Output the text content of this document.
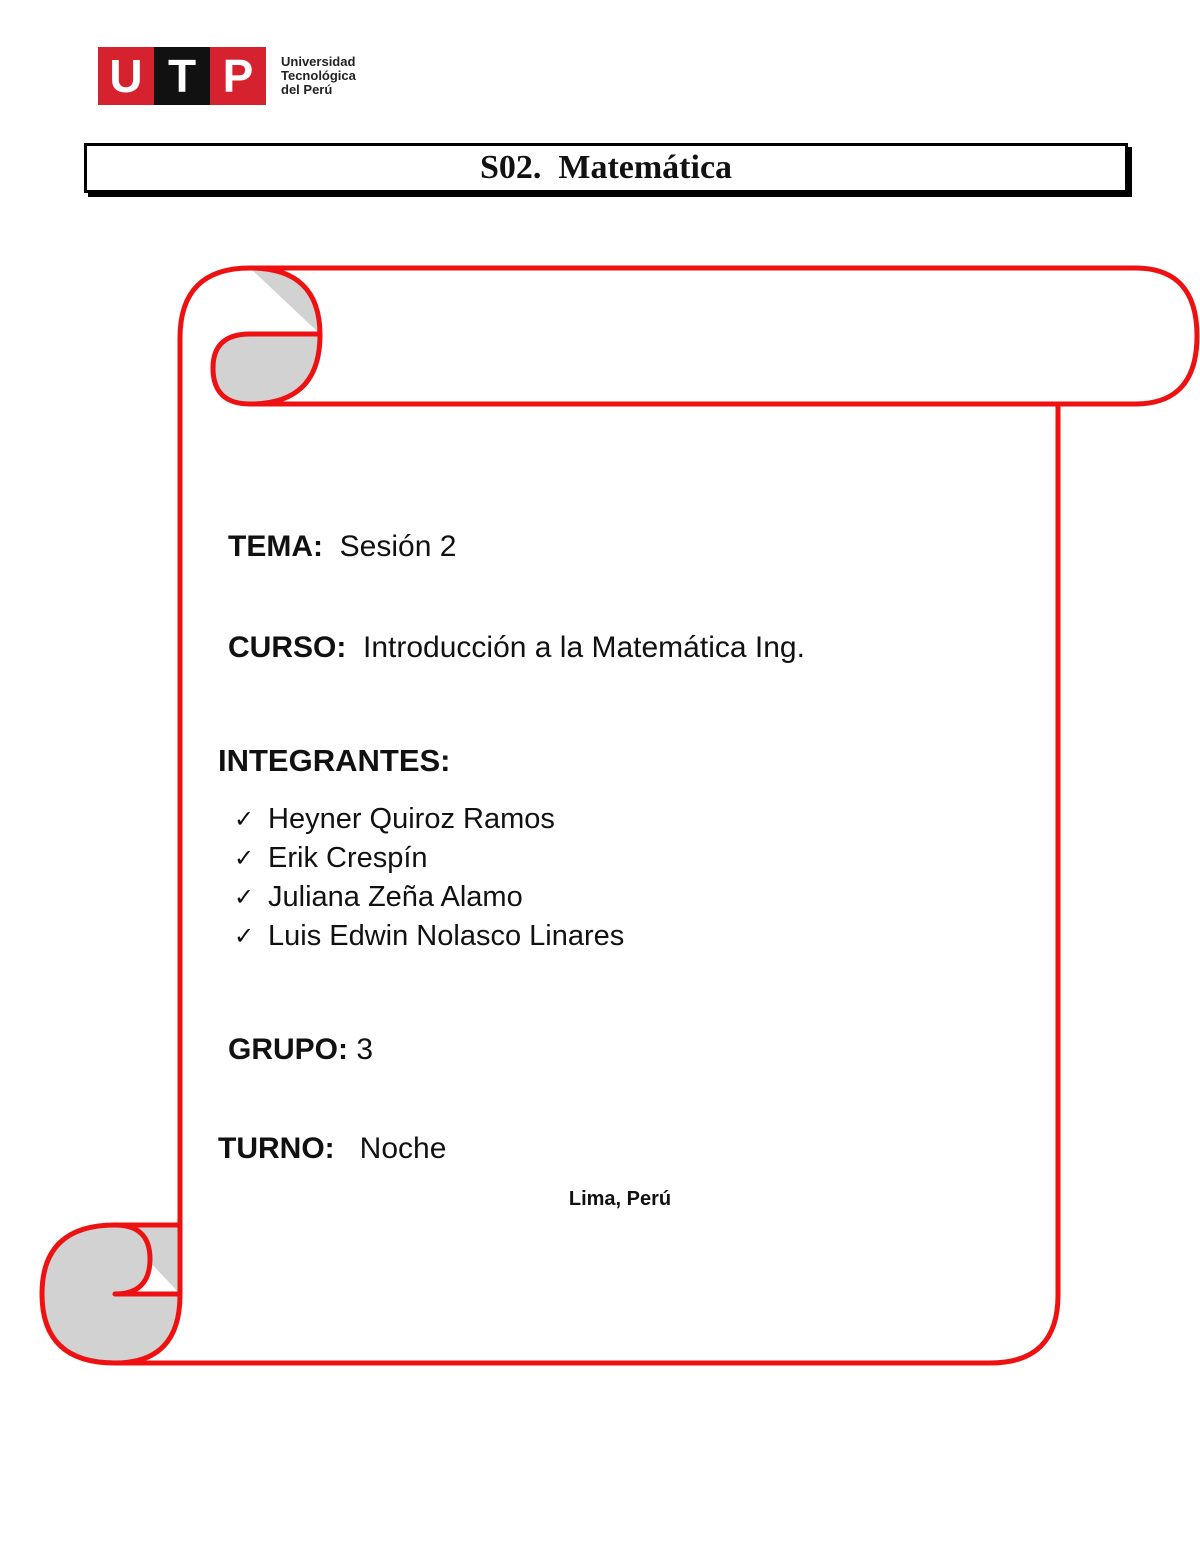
U T P	Universidad
Tecnológica
del Perú
S02.  Matemática
TEMA: Sesión 2
CURSO: Introducción a la Matemática Ing.
INTEGRANTES:
✓ Heyner Quiroz Ramos
✓ Erik Crespín
✓ Juliana Zeña Alamo
✓ Luis Edwin Nolasco Linares
GRUPO: 3
TURNO: Noche
Lima, Perú
